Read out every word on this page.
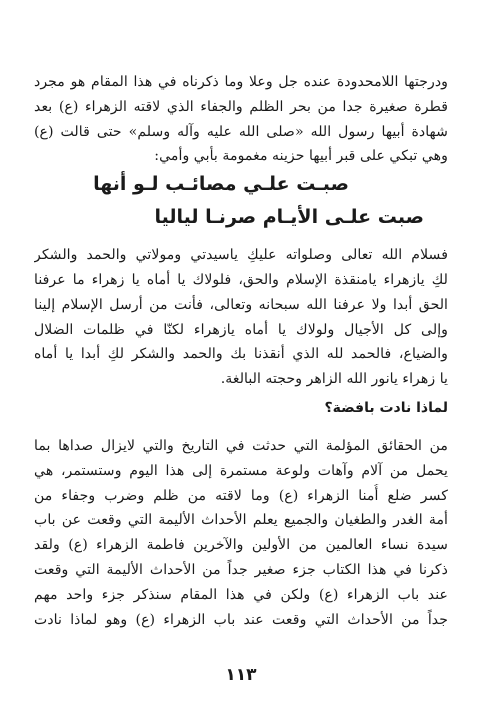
ودرجتها اللامحدودة عنده جل وعلا وما ذكرناه في هذا المقام هو مجرد
قطرة صغيرة جدا من بحر الظلم والجفاء الذي لاقته الزهراء (ع) بعد
شهادة أبيها رسول الله «صلى الله عليه وآله وسلم» حتى قالت (ع)
وهي تبكي على قبر أبيها حزينه مغمومة بأبي وأمي:
صبـت علـي مصائـب لـو أنها
صبت علـى الأيـام صرنـا لياليا
فسلام الله تعالى وصلواته عليكِ ياسيدتي ومولاتي والحمد والشكر
لكِ يازهراء يامنقذة الإسلام والحق، فلولاك يا أماه يا زهراء ما عرفنا
الحق أبدا ولا عرفنا الله سبحانه وتعالى، فأنت من أرسل الإسلام إلينا
وإلى كل الأجيال ولولاك يا أماه يازهراء لكنّا في ظلمات الضلال
والضياع، فالحمد لله الذي أنقذنا بك والحمد والشكر لكِ أبدا يا أماه
يا زهراء يانور الله الزاهر وحجته البالغة.
لماذا نادت بافضة؟
من الحقائق المؤلمة التي حدثت في التاريخ والتي لايزال صداها بما
يحمل من آلام وآهات ولوعة مستمرة إلى هذا اليوم وستستمر، هي
كسر ضلع أُمنا الزهراء (ع) وما لاقته من ظلم وضرب وجفاء من
أمة الغدر والطغيان والجميع يعلم الأحداث الأليمة التي وقعت عن باب
سيدة نساء العالمين من الأولين والآخرين فاطمة الزهراء (ع) ولقد
ذكرنا في هذا الكتاب جزء صغير جداً من الأحداث الأليمة التي وقعت
عند باب الزهراء (ع) ولكن في هذا المقام سنذكر جزء واحد مهم
جداً من الأحداث التي وقعت عند باب الزهراء (ع) وهو لماذا نادت
١١٣
